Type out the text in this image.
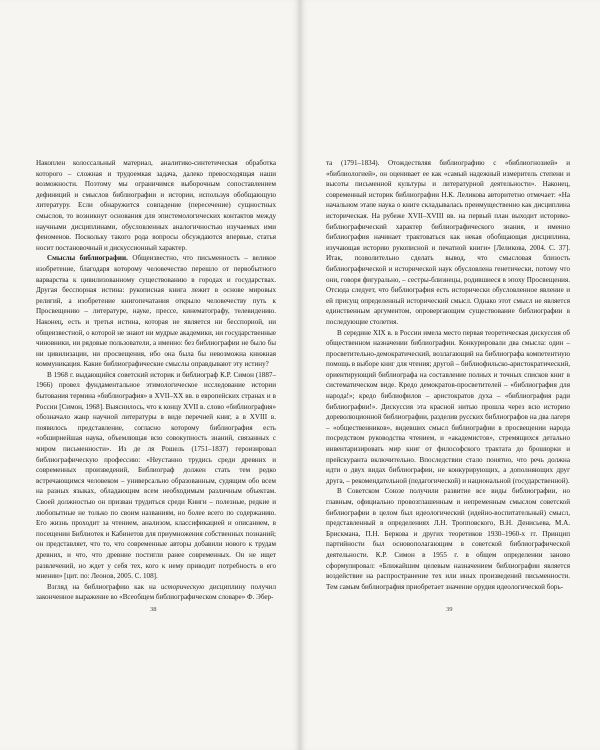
Накоплен колоссальный материал, аналитико-синтетическая обработка которого – сложная и трудоемкая задача, далеко превосходящая наши возможности. Поэтому мы ограничимся выборочным сопоставлением дефиниций и смыслов библиографии и истории, используя обобщающую литературу. Если обнаружится совпадение (пересечение) сущностных смыслов, то возникнут основания для эпистемологических контактов между научными дисциплинами, обусловленных аналогичностью изучаемых ими феноменов. Поскольку такого рода вопросы обсуждаются впервые, статья носит постановочный и дискуссионный характер.

Смыслы библиографии. Общеизвестно, что письменность – великое изобретение, благодаря которому человечество перешло от первобытного варварства к цивилизованному существованию в городах и государствах. Другая бесспорная истина: рукописная книга лежит в основе мировых религий, а изобретение книгопечатания открыло человечеству путь к Просвещению – литературе, науке, прессе, кинематографу, телевидению. Наконец, есть и третья истина, которая не является ни бесспорной, ни общеизвестной, о которой не знают ни мудрые академики, ни государственные чиновники, ни рядовые пользователи, а именно: без библиографии не было бы ни цивилизации, ни просвещения, ибо она была бы невозможна книжная коммуникация. Какие библиографические смыслы оправдывают эту истину?

В 1968 г. выдающийся советский историк и библиограф К.Р. Симон (1887–1966) провел фундаментальное этимологическое исследование истории бытования термина «библиография» в XVII–XX вв. в европейских странах и в России [Симон, 1968]. Выяснилось, что к концу XVII в. слово «библиография» обозначало жанр научной литературы в виде перечней книг, а в XVIII в. появилось представление, согласно которому библиография есть «обширнейшая наука, объемлющая всю совокупность знаний, связанных с миром письменности». Из де ля Рошель (1751–1837) героизировал библиографическую профессию: «Неустанно трудись среди древних и современных произведений, Библиограф должен стать тем редко встречающимся человеком – универсально образованным, судящим обо всем на разных языках, обладающим всем необходимым различным объектам. Своей должностью он призван трудиться среди Книги – полезные, редкие и любопытные не только по своим названиям, но более всего по содержанию. Его жизнь проходит за чтением, анализом, классификацией и описанием, в посещении Библиотек и Кабинетов для приумножения собственных познаний; он представляет, что то, что современные авторы добавили нового к трудам древних, и что, что древние постигли ранее современных. Он не ищет развлечений, но ждет у себя тех, кого к нему приводит потребность в его мнении» [цит. по: Леонов, 2005. С. 108].

Взгляд на библиографию как на историческую дисциплину получил законченное выражение во «Всеобщем библиографическом словаре» Ф. Эбер-

38

та (1791–1834). Отождествляя библиографию с «библиогнозией» и «библиологией», он оценивает ее как «самый надежный измеритель степени и высоты письменной культуры и литературной деятельности». Наконец, современный историк библиографии Н.К. Леликова авторитетно отмечает: «На начальном этапе наука о книге складывалась преимущественно как дисциплина историческая. На рубеже XVII–XVIII вв. на первый план выходит историко-библиографический характер библиографического знания, и именно библиография начинает трактоваться как некая обобщающая дисциплина, изучающая историю рукописной и печатной книги» [Леликова, 2004. С. 37]. Итак, позволительно сделать вывод, что смысловая близость библиографической и исторической наук обусловлена генетически, потому что они, говоря фигурально, – сестры-близнецы, родившиеся в эпоху Просвещения. Отсюда следует, что библиография есть исторически обусловленное явление и ей присущ определенный исторический смысл. Однако этот смысл не является единственным аргументом, опровергающим существование библиографии в последующие столетия.

В середине XIX в. в России имела место первая теоретическая дискуссия об общественном назначении библиографии. Конкурировали два смысла: один – просветительно-демократический, возлагающий на библиографа компетентную помощь в выборе книг для чтения; другой – библиофильско-аристократический, ориентирующий библиографа на составление полных и точных списков книг в систематическом виде. Кредо демократов-просветителей – «библиография для народа!»; кредо библиофилов – аристократов духа – «библиография ради библиографии!». Дискуссия эта красной нитью прошла через всю историю дореволюционной библиографии, разделив русских библиографов на два лагеря – «общественников», видевших смысл библиографии в просвещении народа посредством руководства чтением, и «академистов», стремящихся детально инвентаризировать мир книг от философского трактата до брошюрки и прейскуранта включительно. Впоследствии стало понятно, что речь должна идти о двух видах библиографии, не конкурирующих, а дополняющих друг друга, – рекомендательной (педагогической) и национальной (государственной).

В Советском Союзе получили развитие все виды библиографии, но главным, официально провозглашенным и непременным смыслом советской библиографии в целом был идеологический (идейно-воспитательный) смысл, представленный в определениях Л.Н. Тропповского, В.Н. Денисьева, М.А. Брискмана, П.Н. Беркова и других теоретиков 1930–1960-х гг. Принцип партийности был основополагающим в советской библиографической деятельности. К.Р. Симон в 1955 г. в общем определении заново сформулировал: «Ближайшим целевым назначением библиографии является воздействие на распространение тех или иных произведений письменности. Тем самым библиография приобретает значение орудия идеологической борь-

39
